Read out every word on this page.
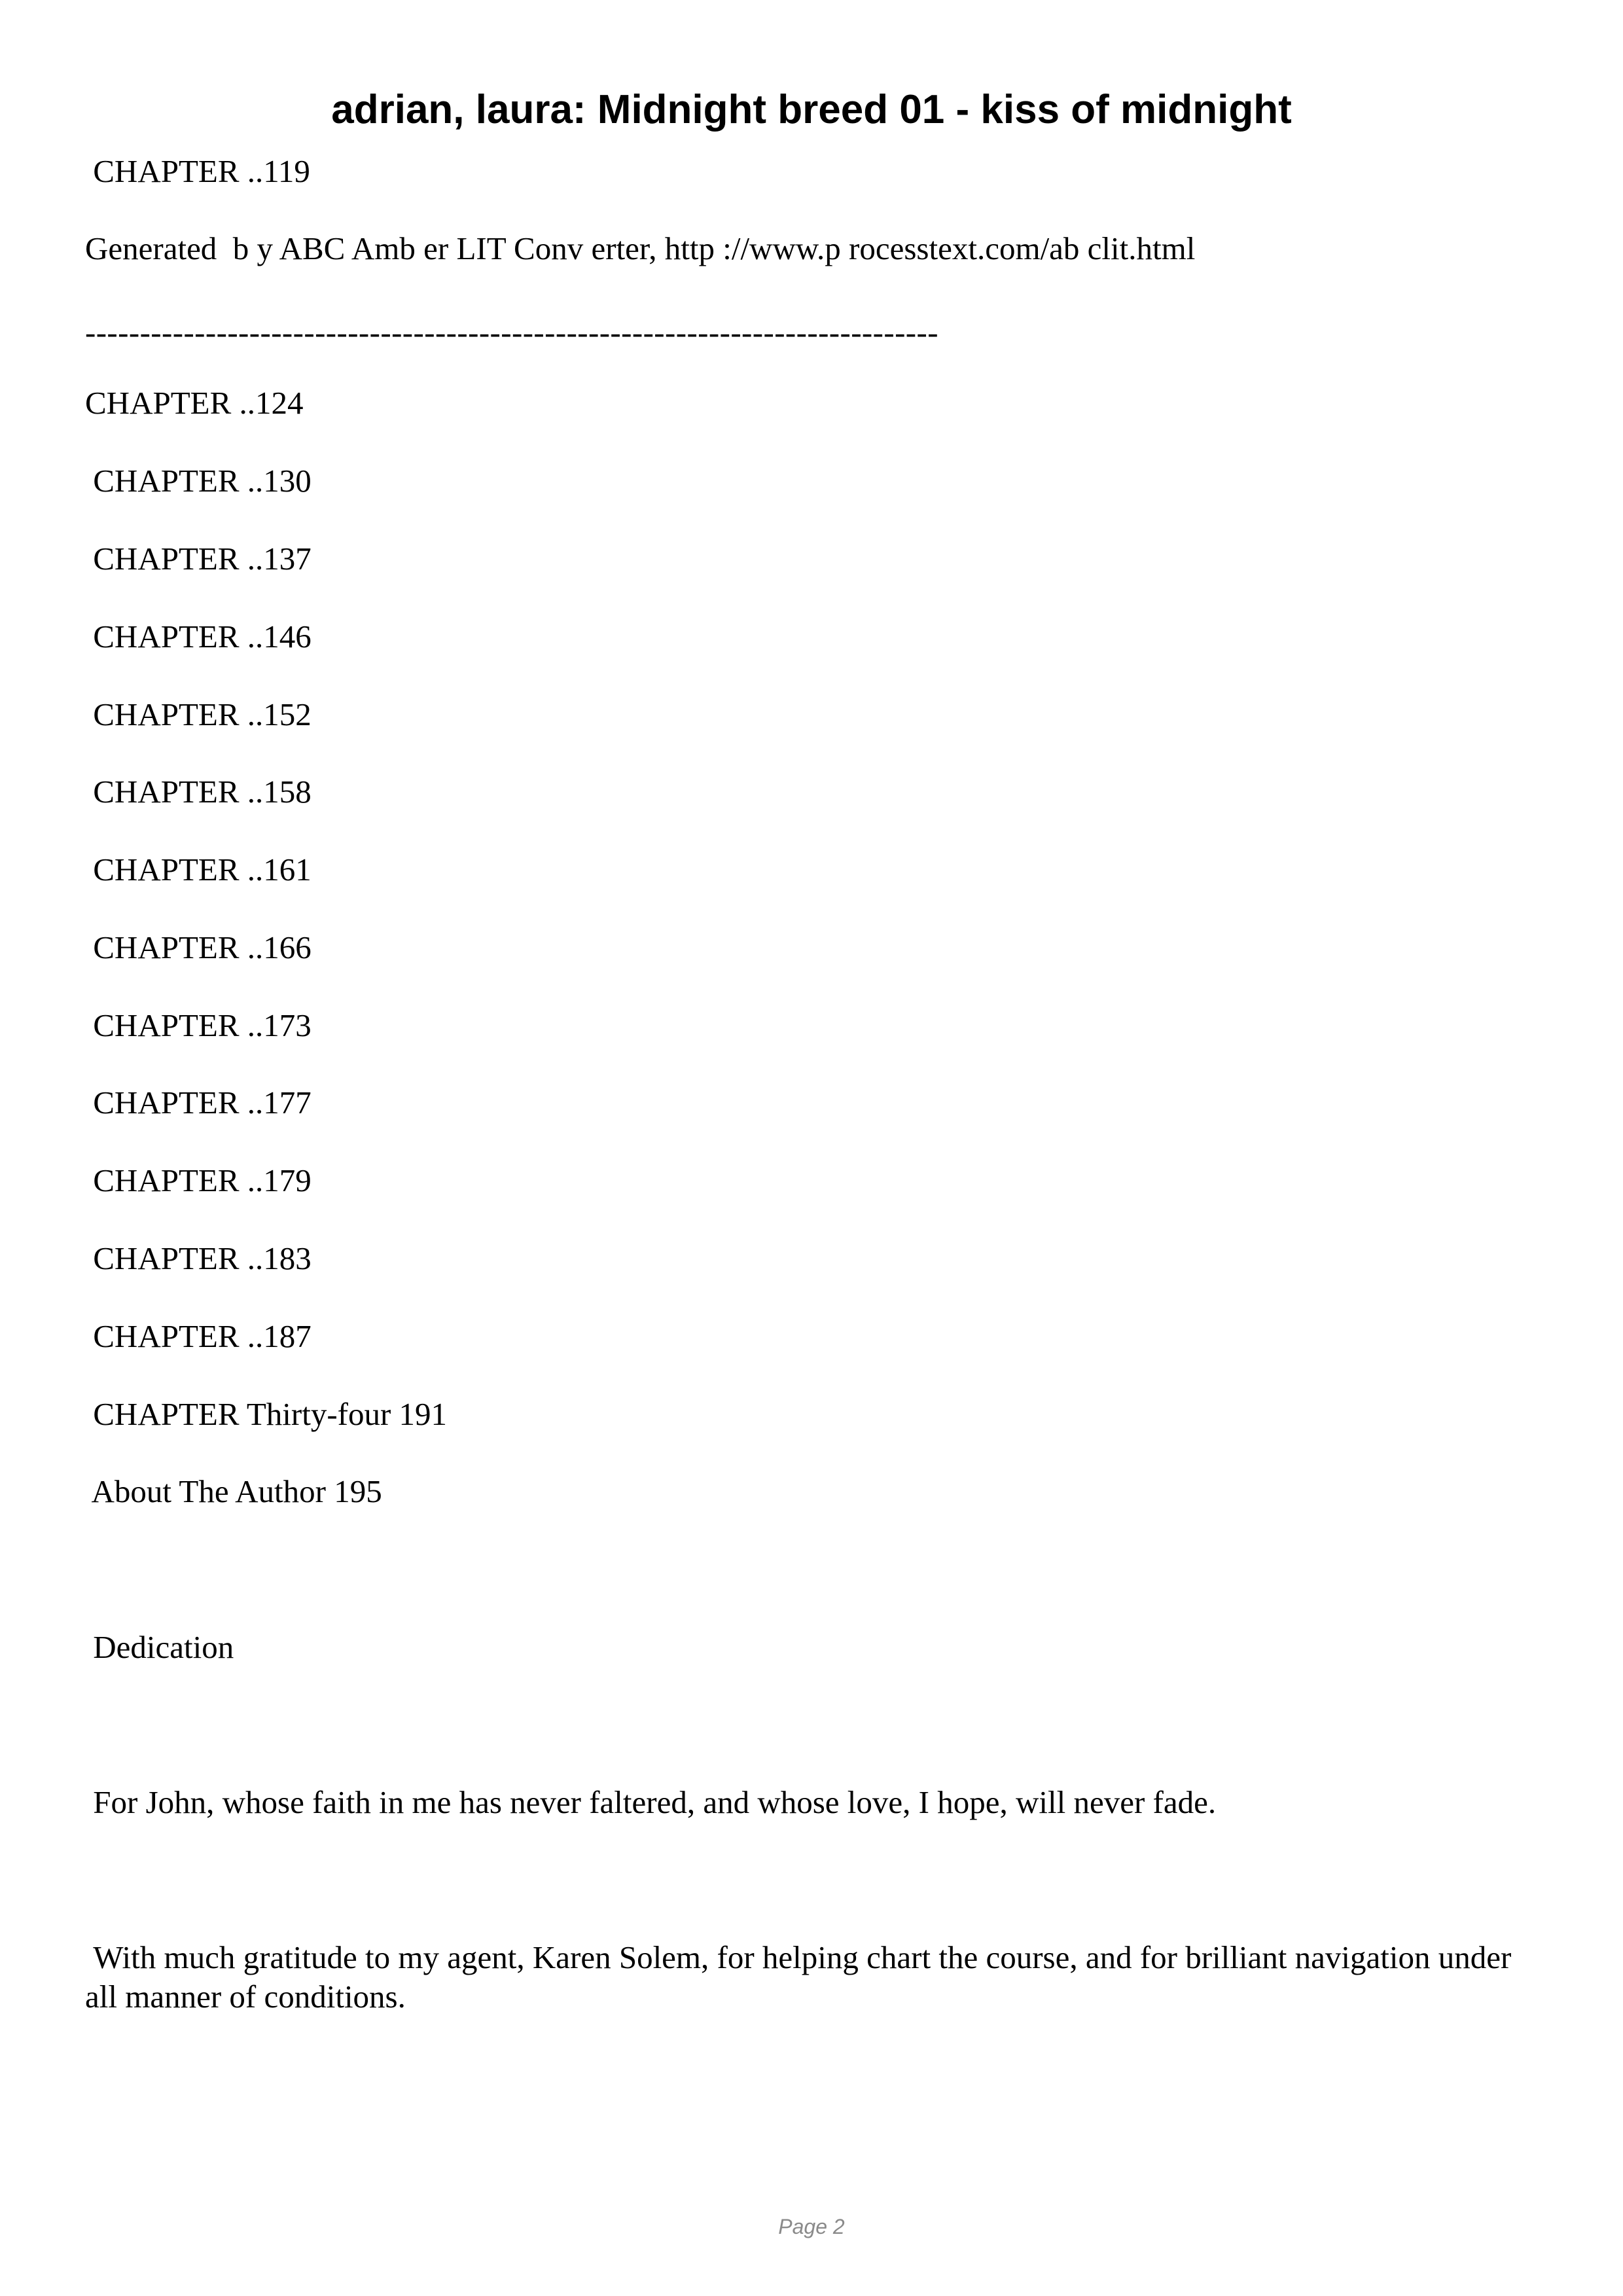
adrian, laura: Midnight breed 01 - kiss of midnight
CHAPTER ..119
Generated  b y ABC Amb er LIT Conv erter, http ://www.p rocesstext.com/ab clit.html
------------------------------------------------------------------------------
CHAPTER ..124
CHAPTER ..130
CHAPTER ..137
CHAPTER ..146
CHAPTER ..152
CHAPTER ..158
CHAPTER ..161
CHAPTER ..166
CHAPTER ..173
CHAPTER ..177
CHAPTER ..179
CHAPTER ..183
CHAPTER ..187
CHAPTER Thirty-four 191
About The Author 195
Dedication
For John, whose faith in me has never faltered, and whose love, I hope, will never fade.
With much gratitude to my agent, Karen Solem, for helping chart the course, and for brilliant navigation under all manner of conditions.
Page 2
